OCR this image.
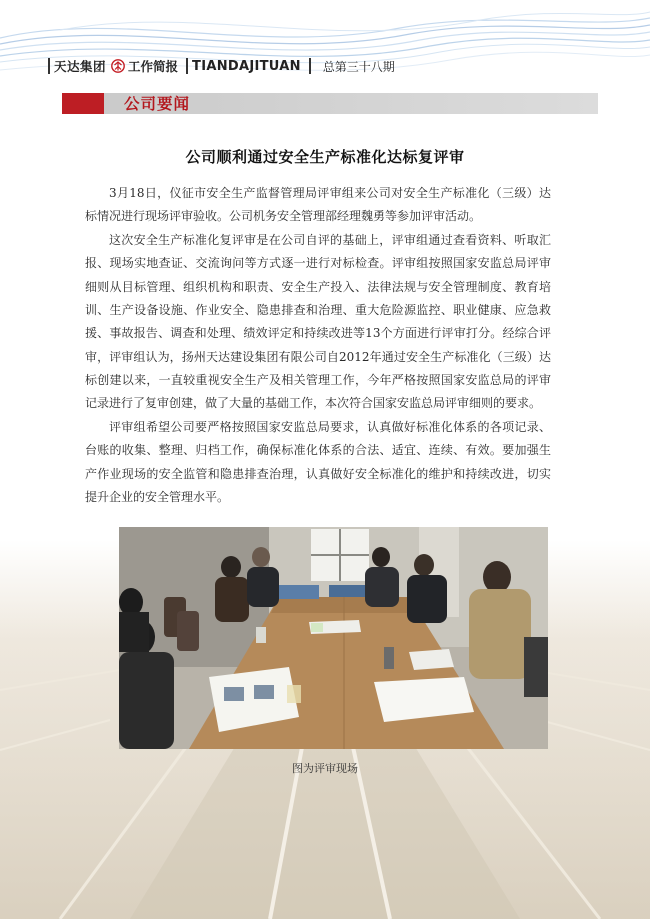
天达集团 工作简报 TIANDAJITUAN 总第三十八期
公司要闻
公司顺利通过安全生产标准化达标复评审

3月18日，仪征市安全生产监督管理局评审组来公司对安全生产标准化（三级）达标情况进行现场评审验收。公司机务安全管理部经理魏勇等参加评审活动。

这次安全生产标准化复评审是在公司自评的基础上，评审组通过查看资料、听取汇报、现场实地查证、交流询问等方式逐一进行对标检查。评审组按照国家安监总局评审细则从目标管理、组织机构和职责、安全生产投入、法律法规与安全管理制度、教育培训、生产设备设施、作业安全、隐患排查和治理、重大危险源监控、职业健康、应急救援、事故报告、调查和处理、绩效评定和持续改进等13个方面进行评审打分。经综合评审，评审组认为，扬州天达建设集团有限公司自2012年通过安全生产标准化（三级）达标创建以来，一直较重视安全生产及相关管理工作，今年严格按照国家安监总局的评审记录进行了复审创建，做了大量的基础工作，本次符合国家安监总局评审细则的要求。

评审组希望公司要严格按照国家安监总局要求，认真做好标准化体系的各项记录、台账的收集、整理、归档工作，确保标准化体系的合法、适宜、连续、有效。要加强生产作业现场的安全监管和隐患排查治理，认真做好安全标准化的维护和持续改进，切实提升企业的安全管理水平。

图为评审现场
